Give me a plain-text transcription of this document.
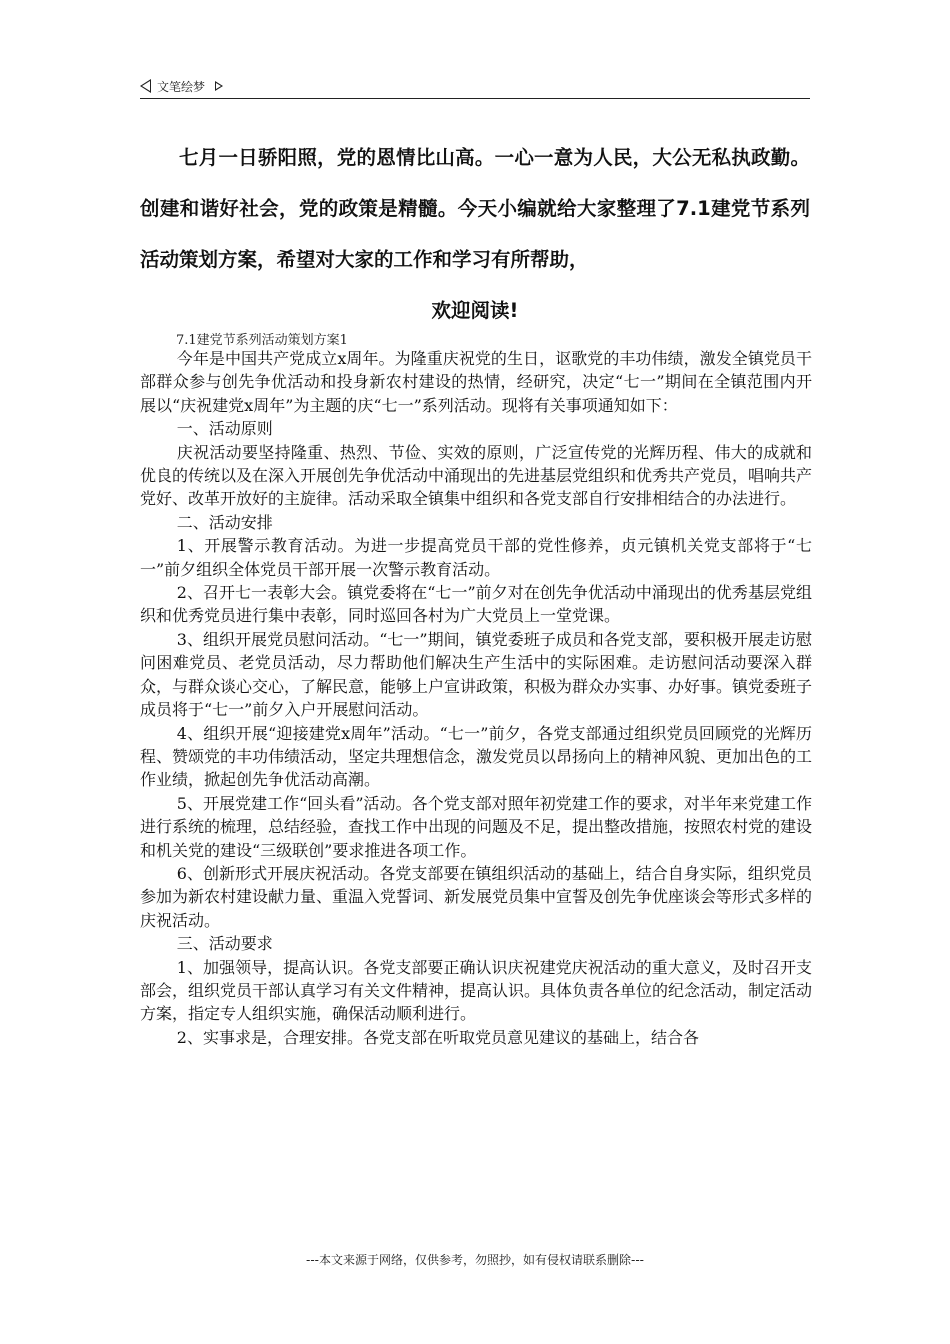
文笔绘梦

七月一日骄阳照，党的恩情比山高。一心一意为人民，大公无私执政勤。创建和谐好社会，党的政策是精髓。今天小编就给大家整理了7.1建党节系列活动策划方案，希望对大家的工作和学习有所帮助，

欢迎阅读!

7.1建党节系列活动策划方案1

今年是中国共产党成立x周年。为隆重庆祝党的生日，讴歌党的丰功伟绩，激发全镇党员干部群众参与创先争优活动和投身新农村建设的热情，经研究，决定“七一”期间在全镇范围内开展以“庆祝建党x周年”为主题的庆“七一”系列活动。现将有关事项通知如下：

一、活动原则

庆祝活动要坚持隆重、热烈、节俭、实效的原则，广泛宣传党的光辉历程、伟大的成就和优良的传统以及在深入开展创先争优活动中涌现出的先进基层党组织和优秀共产党员，唱响共产党好、改革开放好的主旋律。活动采取全镇集中组织和各党支部自行安排相结合的办法进行。

二、活动安排

1、开展警示教育活动。为进一步提高党员干部的党性修养，贞元镇机关党支部将于“七一”前夕组织全体党员干部开展一次警示教育活动。

2、召开七一表彰大会。镇党委将在“七一”前夕对在创先争优活动中涌现出的优秀基层党组织和优秀党员进行集中表彰，同时巡回各村为广大党员上一堂党课。

3、组织开展党员慰问活动。“七一”期间，镇党委班子成员和各党支部，要积极开展走访慰问困难党员、老党员活动，尽力帮助他们解决生产生活中的实际困难。走访慰问活动要深入群众，与群众谈心交心，了解民意，能够上户宣讲政策，积极为群众办实事、办好事。镇党委班子成员将于“七一”前夕入户开展慰问活动。

4、组织开展“迎接建党x周年”活动。“七一”前夕，各党支部通过组织党员回顾党的光辉历程、赞颂党的丰功伟绩活动，坚定共理想信念，激发党员以昂扬向上的精神风貌、更加出色的工作业绩，掀起创先争优活动高潮。

5、开展党建工作“回头看”活动。各个党支部对照年初党建工作的要求，对半年来党建工作进行系统的梳理，总结经验，查找工作中出现的问题及不足，提出整改措施，按照农村党的建设和机关党的建设“三级联创”要求推进各项工作。

6、创新形式开展庆祝活动。各党支部要在镇组织活动的基础上，结合自身实际，组织党员参加为新农村建设献力量、重温入党誓词、新发展党员集中宣誓及创先争优座谈会等形式多样的庆祝活动。

三、活动要求

1、加强领导，提高认识。各党支部要正确认识庆祝建党庆祝活动的重大意义，及时召开支部会，组织党员干部认真学习有关文件精神，提高认识。具体负责各单位的纪念活动，制定活动方案，指定专人组织实施，确保活动顺利进行。

2、实事求是，合理安排。各党支部在听取党员意见建议的基础上，结合各

---本文来源于网络，仅供参考，勿照抄，如有侵权请联系删除---
